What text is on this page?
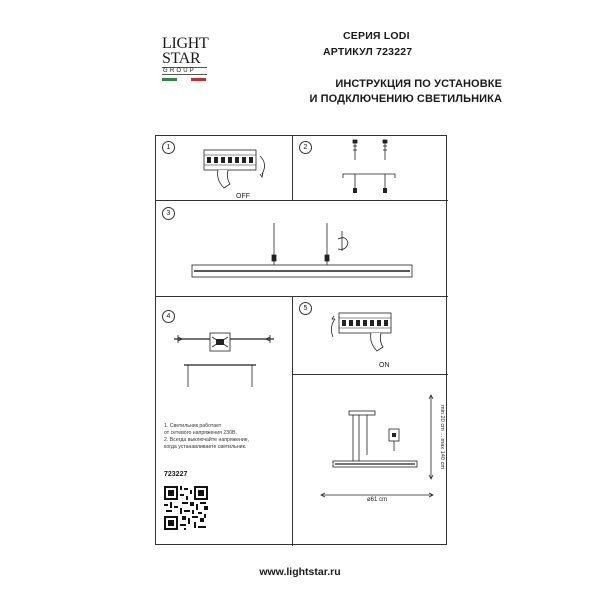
LIGHT
STAR
GROUP
СЕРИЯ LODI
АРТИКУЛ 723227
ИНСТРУКЦИЯ ПО УСТАНОВКЕ
И ПОДКЛЮЧЕНИЮ СВЕТИЛЬНИКА
1
OFF
2
3
4
1. Светильник работает
от сетевого напряжения 230В.
2. Всегда выключайте напряжение,
когда устанавливаете светильник.
723227
5
ON
ø61 cm
min 20 cm ... max 140 cm
www.lightstar.ru
